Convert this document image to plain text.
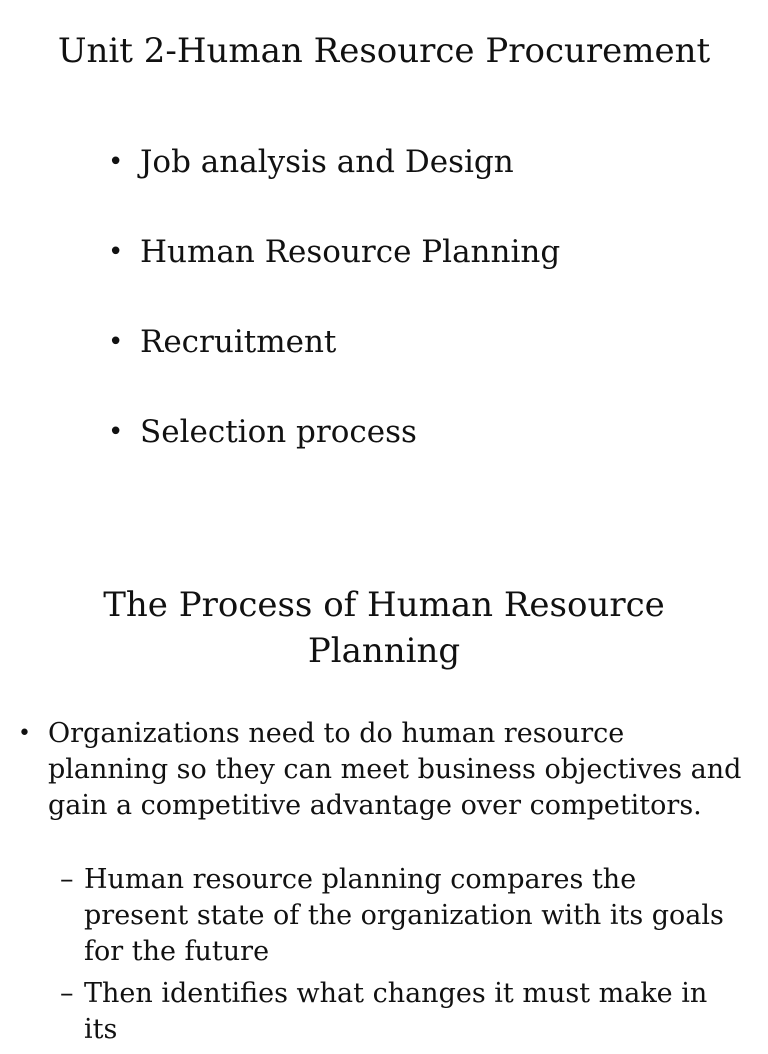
Unit 2-Human Resource Procurement
• Job analysis and Design
• Human Resource Planning
• Recruitment
• Selection process
The Process of Human Resource Planning
• Organizations need to do human resource planning so they can meet business objectives and gain a competitive advantage over competitors.
– Human resource planning compares the present state of the organization with its goals for the future
– Then identifies what changes it must make in its
